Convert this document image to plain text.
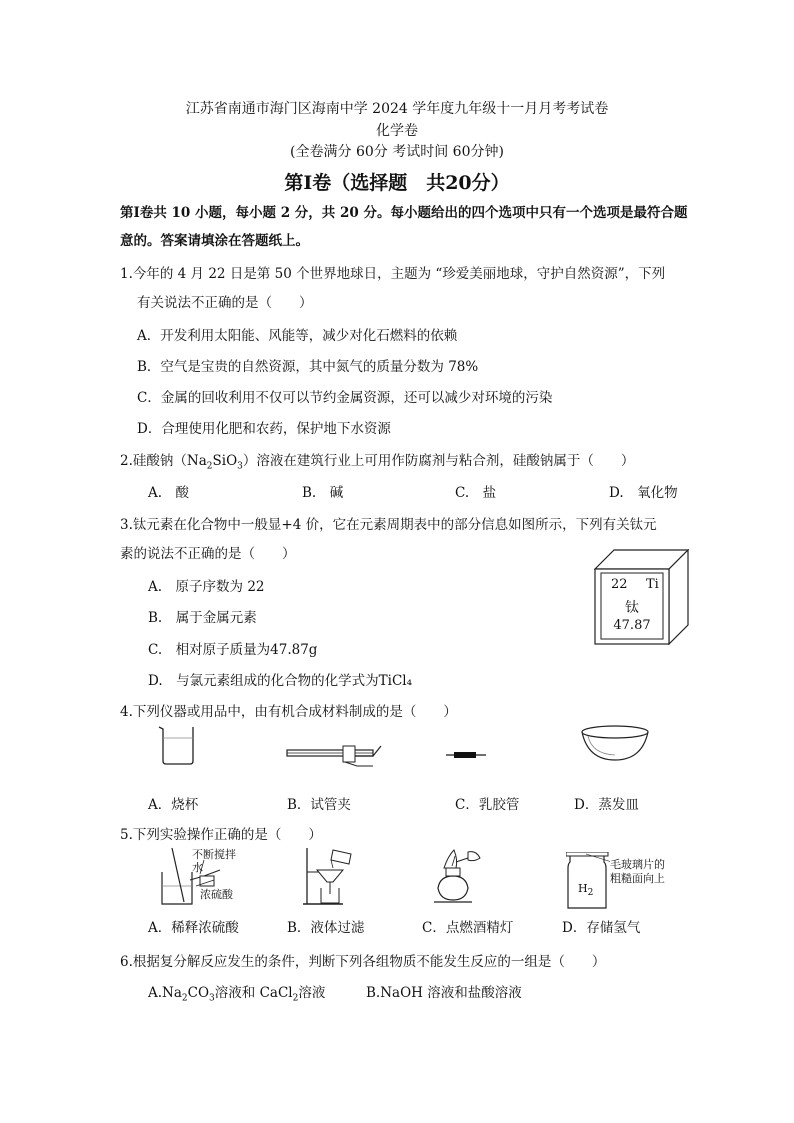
江苏省南通市海门区海南中学 2024 学年度九年级十一月月考考试卷
化学卷
(全卷满分 60分 考试时间 60分钟)
第Ⅰ卷（选择题　共20分）
第Ⅰ卷共 10 小题，每小题 2 分，共 20 分。每小题给出的四个选项中只有一个选项是最符合题
意的。答案请填涂在答题纸上。
1.今年的 4 月 22 日是第 50 个世界地球日，主题为 “珍爱美丽地球，守护自然资源”，下列
有关说法不正确的是（　　）
A．开发利用太阳能、风能等，减少对化石燃料的依赖
B．空气是宝贵的自然资源，其中氮气的质量分数为 78%
C．金属的回收利用不仅可以节约金属资源，还可以减少对环境的污染
D．合理使用化肥和农药，保护地下水资源
2.硅酸钠$(Na_2SiO_3)$溶液在建筑行业上可用作防腐剂与粘合剂，硅酸钠属于（　　）
A.　酸	B.　碱	C.　盐	D.　氧化物
3.钛元素在化合物中一般显+4 价，它在元素周期表中的部分信息如图所示，下列有关钛元
素的说法不正确的是（　　）
A.　原子序数为 22
B.　属于金属元素
C.　相对原子质量为47.87g
D.　与氯元素组成的化合物的化学式为TiCl₄
22 Ti
钛
47.87
4.下列仪器或用品中，由有机合成材料制成的是（　　）
A．烧杯	B．试管夹	C．乳胶管	D．蒸发皿
5.下列实验操作正确的是（　　）
不断搅拌
水
浓硫酸	$H_2$
毛玻璃片的
粗糙面向上
A．稀释浓硫酸	B．液体过滤	C．点燃酒精灯	D．存储氢气
6.根据复分解反应发生的条件，判断下列各组物质不能发生反应的一组是（　　）
$A.Na_2CO_3$溶液和 CaCl$_2$溶液	B.NaOH 溶液和盐酸溶液
